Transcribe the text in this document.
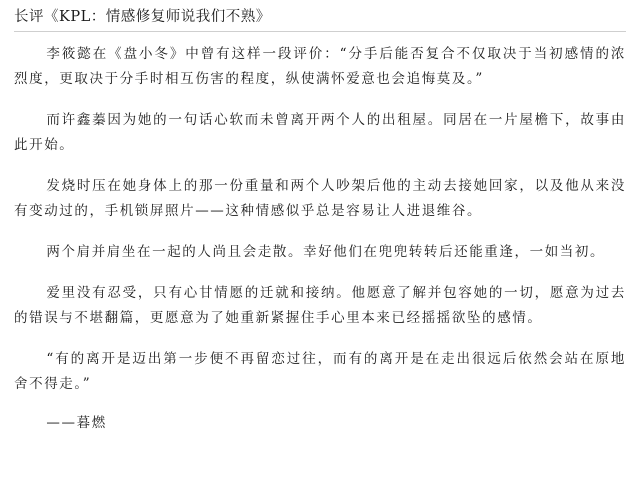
长评《KPL：情感修复师说我们不熟》

李筱懿在《盘小冬》中曾有这样一段评价：“分手后能否复合不仅取决于当初感情的浓烈度，更取决于分手时相互伤害的程度，纵使满怀爱意也会追悔莫及。”

而许鑫蓁因为她的一句话心软而未曾离开两个人的出租屋。同居在一片屋檐下，故事由此开始。

发烧时压在她身体上的那一份重量和两个人吵架后他的主动去接她回家，以及他从来没有变动过的，手机锁屏照片——这种情感似乎总是容易让人进退维谷。

两个肩并肩坐在一起的人尚且会走散。幸好他们在兜兜转转后还能重逢，一如当初。

爱里没有忍受，只有心甘情愿的迁就和接纳。他愿意了解并包容她的一切，愿意为过去的错误与不堪翻篇，更愿意为了她重新紧握住手心里本来已经摇摇欲坠的感情。

“有的离开是迈出第一步便不再留恋过往，而有的离开是在走出很远后依然会站在原地舍不得走。”

——暮燃
